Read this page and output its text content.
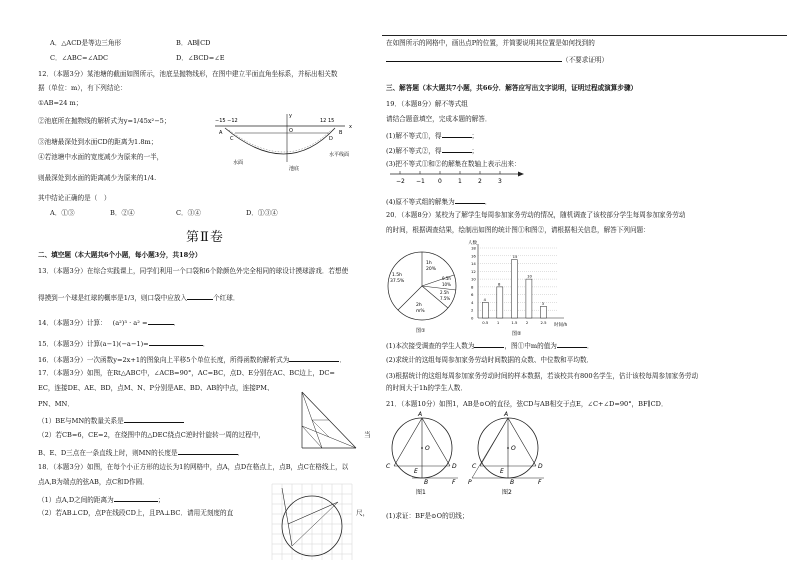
A．△ACD是等边三角形	B．AB∥CD
C．∠ABC=∠ADC	D．∠BCD=∠E
12．（本题3分）某池塘的截面如图所示，池底呈抛物线形，在图中建立平面直角坐标系，并标出相关数
据（单位：m），有下列结论：
①AB=24 m；
②池底所在抛物线的解析式为y=1/45x²−5；
③池塘最深处到水面CD的距离为1.8m；
④若池塘中水面的宽度减少为原来的一半，
则最深处到水面的距离减少为原来的1/4.
其中结论正确的是（　）
A．①③	B．②④	C．③④	D．①③④
−15 −12	12 15
O
A	B
C	D
x
y
水面
池底
水平线面
第Ⅱ卷
二、填空题（本大题共6个小题，每小题3分，共18分）
13．（本题3分）在综合实践课上，同学们利用一个口袋和6个除颜色外完全相同的球设计摸球游戏．若想使
得摸到一个球是红球的概率是1/3，则口袋中应放入	个红球．
14．（本题3分）计算： (a²)³ · a² =	．
15．（本题3分）计算(a−1)(−a−1)=	．
16．（本题3分）一次函数y=2x+1的图象向上平移5个单位长度，所得函数的解析式为	．
17．（本题3分）如图，在Rt△ABC中，∠ACB=90°，AC=BC，点D、E分别在AC、BC边上，DC=
EC，连接DE、AE、BD，点M、N、P分别是AE、BD、AB的中点，连接PM、
PN、MN．
（1）BE与MN的数量关系是
（2）若CB=6，CE=2，在绕图中的△DEC绕点C逆时针旋转一周的过程中，	当
B、E、D三点在一条直线上时，则MN的长度是	．
18．（本题3分）如图，在每个小正方形的边长为1的网格中，点A，点D在格点上，点B，点C在格线上，以
点A,B为端点的弦AB，点C和D作圆．
（1）点A,D之间的距离为	；
（2）若AB⊥CD，点P在线段CD上，且PA⊥BC．请用无刻度的直	尺，
在如图所示的网格中，画出点P的位置，并简要说明其位置是如何找到的
（不要求证明）
三、解答题（本大题共7小题，共66分．解答应写出文字说明，证明过程或演算步骤）
19．（本题8分）解不等式组
请结合题意填空，完成本题的解答．
(1)解不等式①，得	；
(2)解不等式②，得	；
(3)把不等式①和②的解集在数轴上表示出来：
−2 −1 0	1	2	3
(4)原不等式组的解集为	．
20．（本题8分）某校为了解学生每周参加家务劳动的情况，随机调查了该校部分学生每周参加家务劳动
的时间，根据调查结果，绘制出如图的统计图①和图②，请根据相关信息，解答下列问题：
1h
20%
1.5h
37.5%
2h
m%
0.5h
10%
2.5h
7.5%
图①
人数
时间/h
图②
0
2
4
6
8
10
12
14
16
18
4
0.5
8
1
15
1.5
10
2
3
2.5
(1)本次接受调查的学生人数为	，图①中m的值为	．
(2)求统计的这组每周参加家务劳动时间数据的众数、中位数和平均数．
(3)根据统计的这组每周参加家务劳动时间的样本数据，若该校共有800名学生，估计该校每周参加家务劳动
的时间大于1h的学生人数．
21．（本题10分）如图1，AB是⊙O的直径，弦CD与AB相交于点E，∠C+∠D=90°，BF∥CD．
A
O
C	D
E
B	F
图1
A
O
C	D
E
B	F
P
图2
(1)求证：BF是⊙O的切线；
